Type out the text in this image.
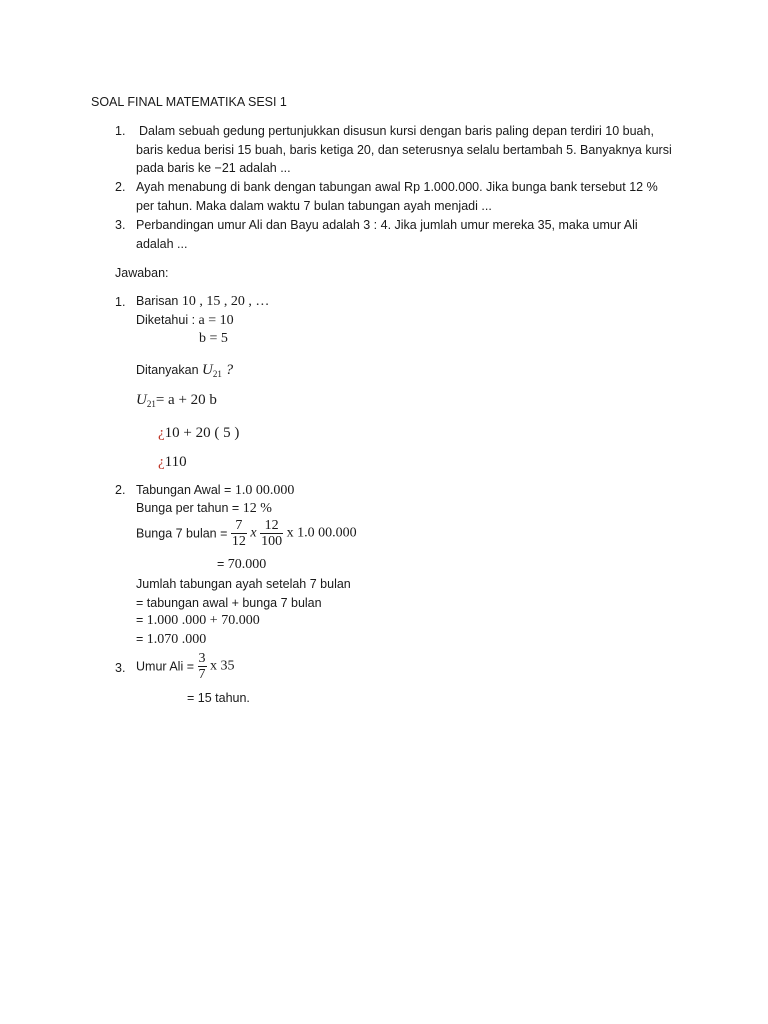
SOAL FINAL MATEMATIKA SESI 1
1. Dalam sebuah gedung pertunjukkan disusun kursi dengan baris paling depan terdiri 10 buah,
baris kedua berisi 15 buah, baris ketiga 20, dan seterusnya selalu bertambah 5. Banyaknya kursi
pada baris ke −21 adalah ...
2. Ayah menabung di bank dengan tabungan awal Rp 1.000.000. Jika bunga bank tersebut 12 %
per tahun. Maka dalam waktu 7 bulan tabungan ayah menjadi ...
3. Perbandingan umur Ali dan Bayu adalah 3 : 4. Jika jumlah umur mereka 35, maka umur Ali
adalah ...
Jawaban:
1. Barisan 10 , 15 , 20 , …
Diketahui : a = 10
b = 5
Ditanyakan $U_{21}$ ?
$U_{21}= a + 20$ b
¿10 + 20 ( 5 )
¿110
2. Tabungan Awal = 1.0 00.000
Bunga per tahun = 12 %
Bunga 7 bulan = $\frac{7}{12}$ x $\frac{12}{100}$ x 1.0 00.000
= 70.000
Jumlah tabungan ayah setelah 7 bulan
= tabungan awal + bunga 7 bulan
= 1.000 .000 + 70.000
= 1.070 .000
3. Umur Ali = $\frac{3}{7}$ x 35
= 15 tahun.
